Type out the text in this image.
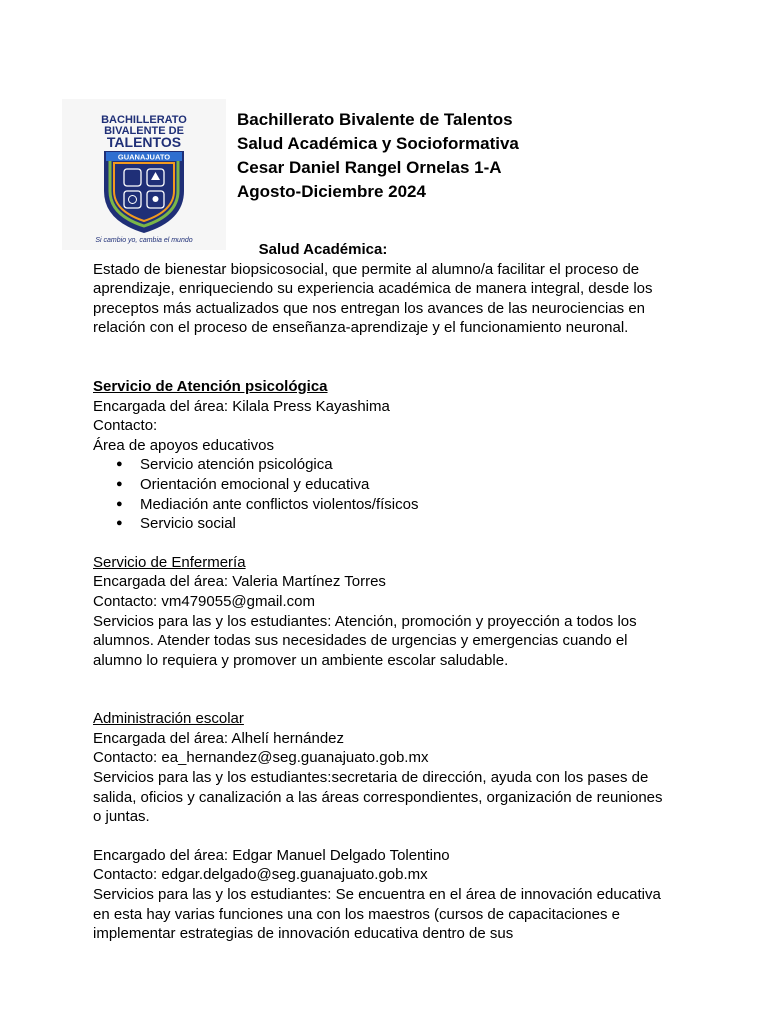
BACHILLERATO
BIVALENTE DE
TALENTOS
GUANAJUATO
Si cambio yo, cambia el mundo
Bachillerato Bivalente de Talentos
Salud Académica y Socioformativa
Cesar Daniel Rangel Ornelas 1-A
Agosto-Diciembre 2024

Salud Académica:

Estado de bienestar biopsicosocial, que permite al alumno/a facilitar el proceso de aprendizaje, enriqueciendo su experiencia académica de manera integral, desde los preceptos más actualizados que nos entregan los avances de las neurociencias en relación con el proceso de enseñanza-aprendizaje y el funcionamiento neuronal.

Servicio de Atención psicológica

Encargada del área: Kilala Press Kayashima

Contacto:

Área de apoyos educativos

● Servicio atención psicológica
● Orientación emocional y educativa
● Mediación ante conflictos violentos/físicos
● Servicio social

Servicio de Enfermería

Encargada del área: Valeria Martínez Torres

Contacto: vm479055@gmail.com

Servicios para las y los estudiantes: Atención, promoción y proyección a todos los alumnos. Atender todas sus necesidades de urgencias y emergencias cuando el alumno lo requiera y promover un ambiente escolar saludable.

Administración escolar

Encargada del área: Alhelí hernández

Contacto: ea_hernandez@seg.guanajuato.gob.mx

Servicios para las y los estudiantes:secretaria de dirección, ayuda con los pases de salida, oficios y canalización a las áreas correspondientes, organización de reuniones o juntas.

Encargado del área: Edgar Manuel Delgado Tolentino

Contacto: edgar.delgado@seg.guanajuato.gob.mx

Servicios para las y los estudiantes: Se encuentra en el área de innovación educativa en esta hay varias funciones una con los maestros (cursos de capacitaciones e implementar estrategias de innovación educativa dentro de sus
